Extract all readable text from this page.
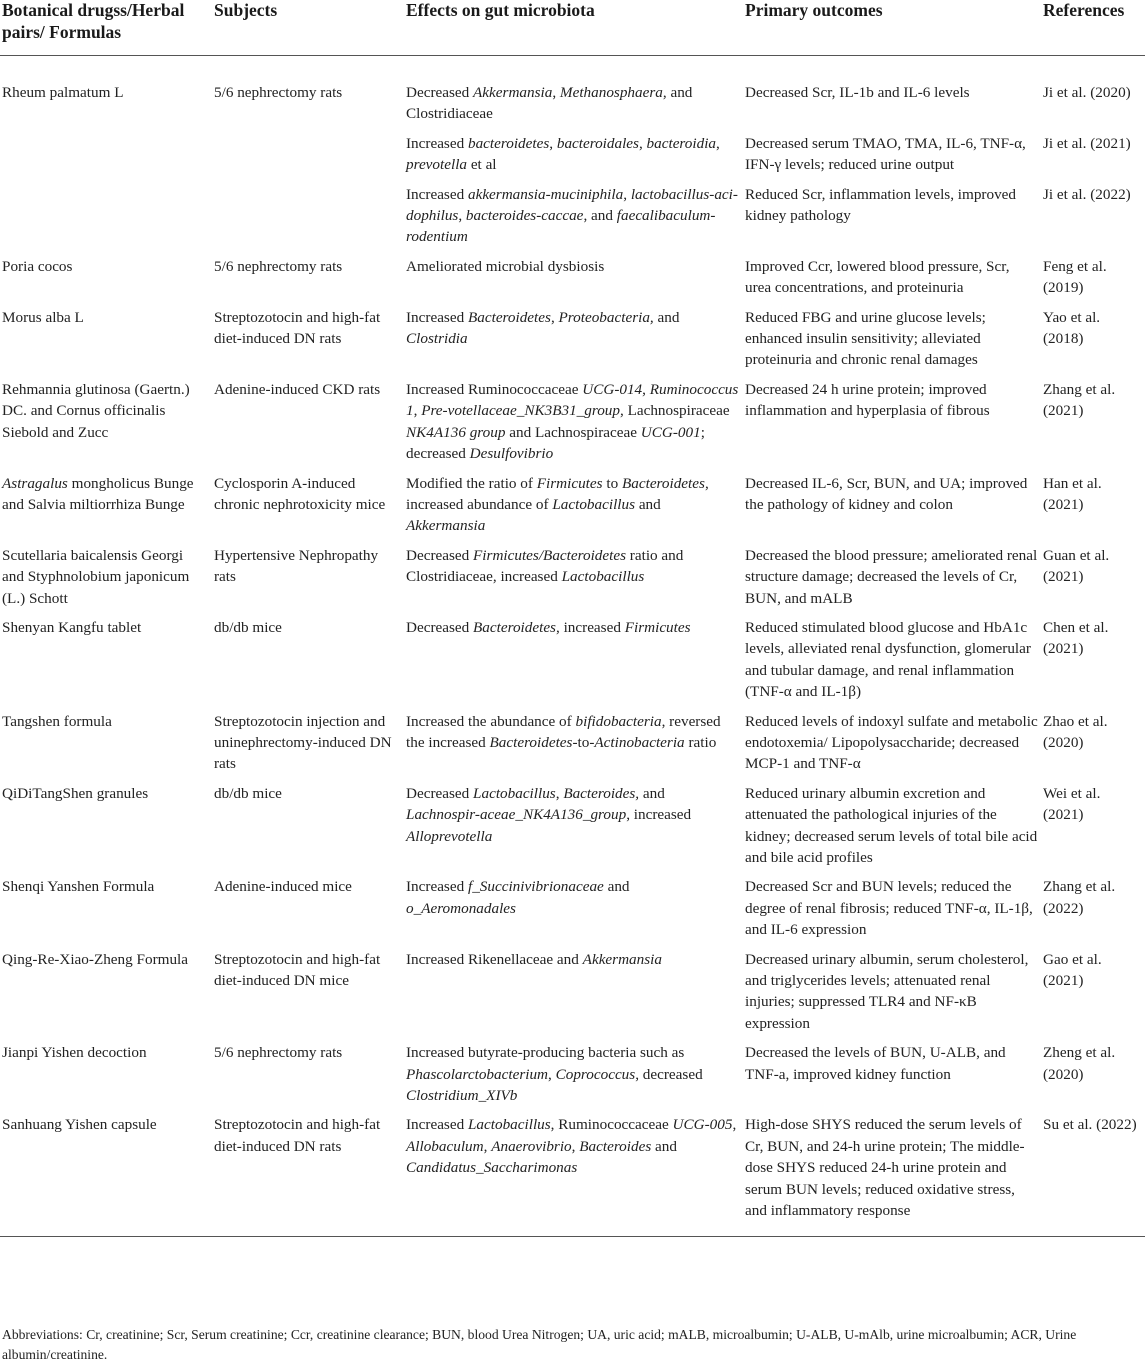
Botanical drugss/Herbal pairs/ Formulas	Subjects	Effects on gut microbiota	Primary outcomes	References

Rheum palmatum L	5/6 nephrectomy rats	Decreased Akkermansia, Methanosphaera, and Clostridiaceae	Decreased Scr, IL-1b and IL-6 levels	Ji et al. (2020)
		Increased bacteroidetes, bacteroidales, bacteroidia, prevotella et al	Decreased serum TMAO, TMA, IL-6, TNF-α, IFN-γ levels; reduced urine output	Ji et al. (2021)
		Increased akkermansia-muciniphila, lactobacillus-aci-dophilus, bacteroides-caccae, and faecalibaculum-rodentium	Reduced Scr, inflammation levels, improved kidney pathology	Ji et al. (2022)
Poria cocos	5/6 nephrectomy rats	Ameliorated microbial dysbiosis	Improved Ccr, lowered blood pressure, Scr, urea concentrations, and proteinuria	Feng et al. (2019)
Morus alba L	Streptozotocin and high-fat diet-induced DN rats	Increased Bacteroidetes, Proteobacteria, and Clostridia	Reduced FBG and urine glucose levels; enhanced insulin sensitivity; alleviated proteinuria and chronic renal damages	Yao et al. (2018)
Rehmannia glutinosa (Gaertn.) DC. and Cornus officinalis Siebold and Zucc	Adenine-induced CKD rats	Increased Ruminococcaceae UCG-014, Ruminococcus 1, Pre-votellaceae_NK3B31_group, Lachnospiraceae NK4A136 group and Lachnospiraceae UCG-001; decreased Desulfovibrio	Decreased 24 h urine protein; improved inflammation and hyperplasia of fibrous	Zhang et al. (2021)
Astragalus mongholicus Bunge and Salvia miltiorrhiza Bunge	Cyclosporin A-induced chronic nephrotoxicity mice	Modified the ratio of Firmicutes to Bacteroidetes, increased abundance of Lactobacillus and Akkermansia	Decreased IL-6, Scr, BUN, and UA; improved the pathology of kidney and colon	Han et al. (2021)
Scutellaria baicalensis Georgi and Styphnolobium japonicum (L.) Schott	Hypertensive Nephropathy rats	Decreased Firmicutes/Bacteroidetes ratio and Clostridiaceae, increased Lactobacillus	Decreased the blood pressure; ameliorated renal structure damage; decreased the levels of Cr, BUN, and mALB	Guan et al. (2021)
Shenyan Kangfu tablet	db/db mice	Decreased Bacteroidetes, increased Firmicutes	Reduced stimulated blood glucose and HbA1c levels, alleviated renal dysfunction, glomerular and tubular damage, and renal inflammation (TNF-α and IL-1β)	Chen et al. (2021)
Tangshen formula	Streptozotocin injection and uninephrectomy-induced DN rats	Increased the abundance of bifidobacteria, reversed the increased Bacteroidetes-to-Actinobacteria ratio	Reduced levels of indoxyl sulfate and metabolic endotoxemia/ Lipopolysaccharide; decreased MCP-1 and TNF-α	Zhao et al. (2020)
QiDiTangShen granules	db/db mice	Decreased Lactobacillus, Bacteroides, and Lachnospir-aceae_NK4A136_group, increased Alloprevotella	Reduced urinary albumin excretion and attenuated the pathological injuries of the kidney; decreased serum levels of total bile acid and bile acid profiles	Wei et al. (2021)
Shenqi Yanshen Formula	Adenine-induced mice	Increased f_Succinivibrionaceae and o_Aeromonadales	Decreased Scr and BUN levels; reduced the degree of renal fibrosis; reduced TNF-α, IL-1β, and IL-6 expression	Zhang et al. (2022)
Qing-Re-Xiao-Zheng Formula	Streptozotocin and high-fat diet-induced DN mice	Increased Rikenellaceae and Akkermansia	Decreased urinary albumin, serum cholesterol, and triglycerides levels; attenuated renal injuries; suppressed TLR4 and NF-κB expression	Gao et al. (2021)
Jianpi Yishen decoction	5/6 nephrectomy rats	Increased butyrate-producing bacteria such as Phascolarctobacterium, Coprococcus, decreased Clostridium_XIVb	Decreased the levels of BUN, U-ALB, and TNF-a, improved kidney function	Zheng et al. (2020)
Sanhuang Yishen capsule	Streptozotocin and high-fat diet-induced DN rats	Increased Lactobacillus, Ruminococcaceae UCG-005, Allobaculum, Anaerovibrio, Bacteroides and Candidatus_Saccharimonas	High-dose SHYS reduced the serum levels of Cr, BUN, and 24-h urine protein; The middle-dose SHYS reduced 24-h urine protein and serum BUN levels; reduced oxidative stress, and inflammatory response	Su et al. (2022)
Abbreviations: Cr, creatinine; Scr, Serum creatinine; Ccr, creatinine clearance; BUN, blood Urea Nitrogen; UA, uric acid; mALB, microalbumin; U-ALB, U-mAlb, urine microalbumin; ACR, Urine albumin/creatinine.
